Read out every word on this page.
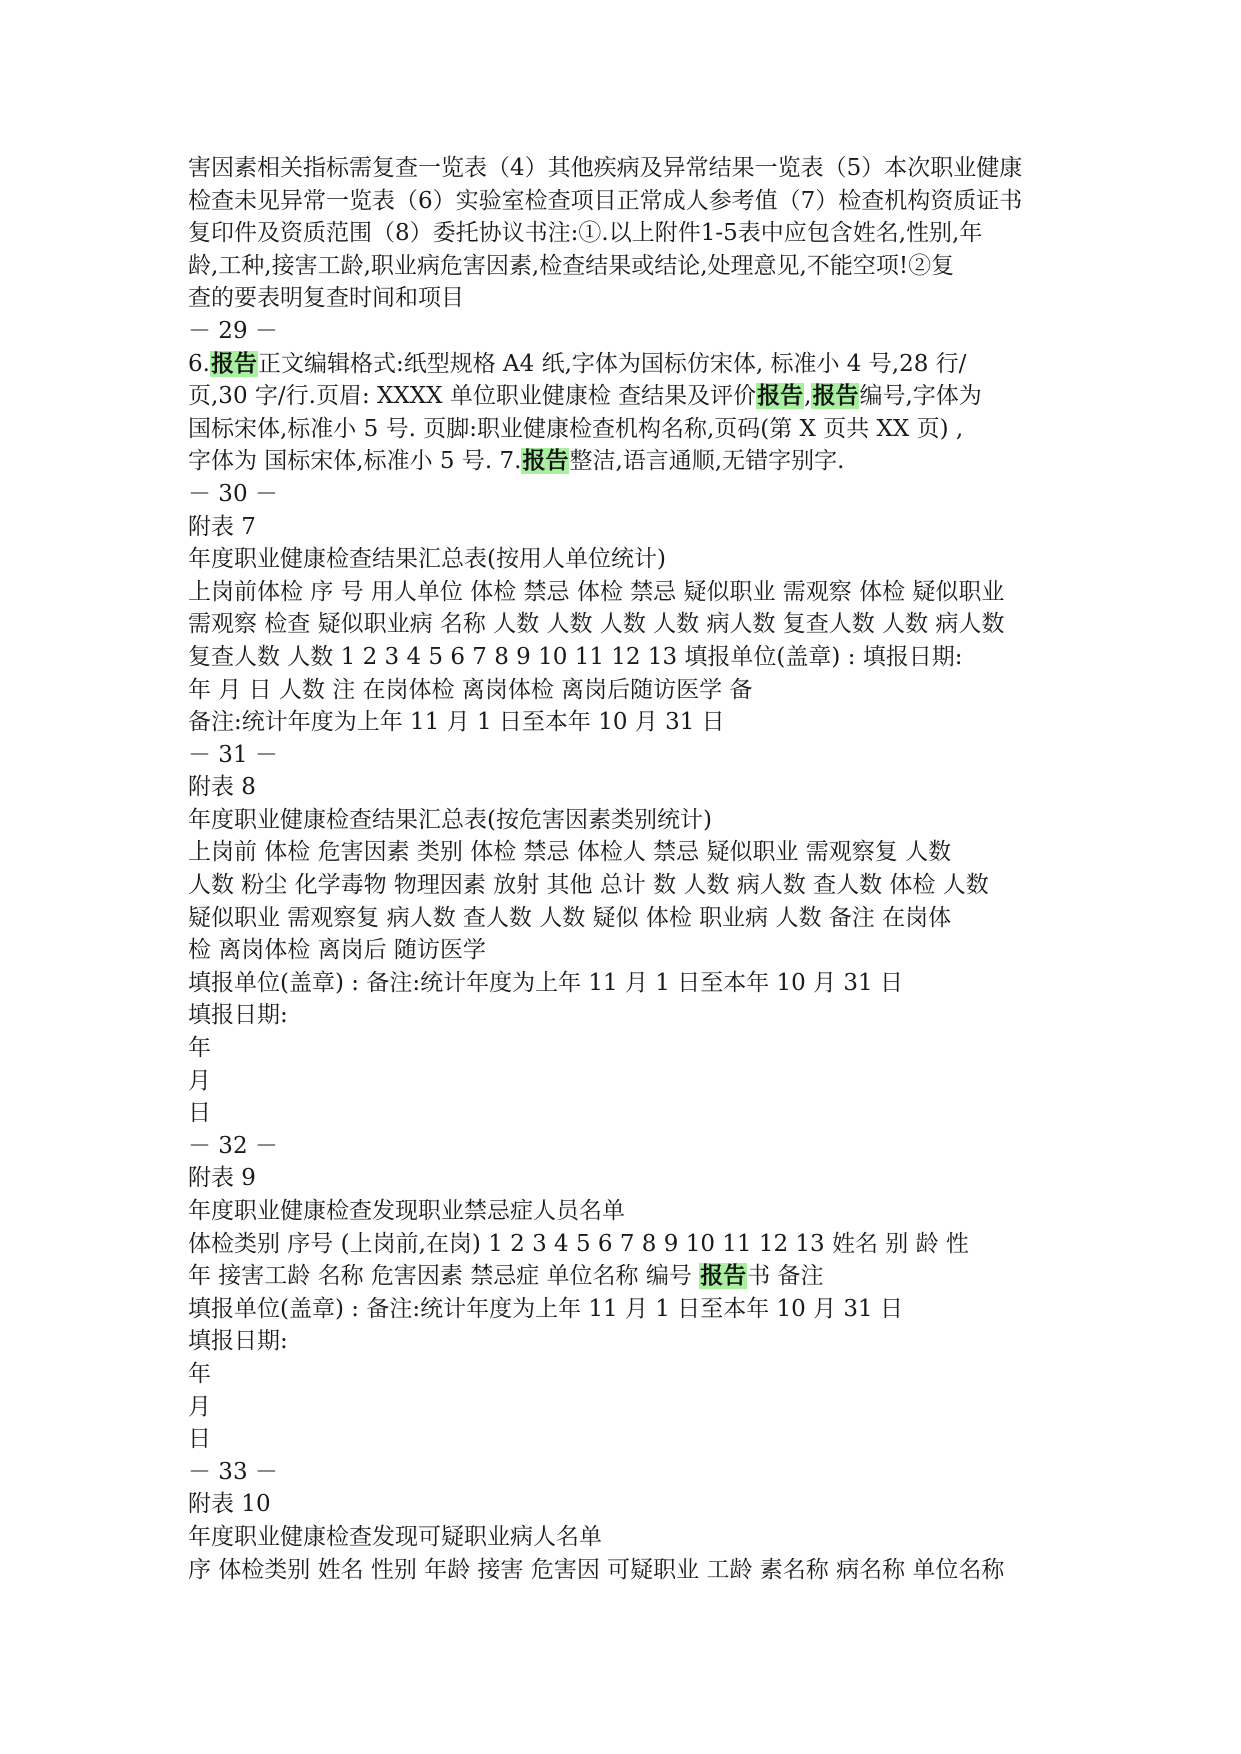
害因素相关指标需复查一览表（4）其他疾病及异常结果一览表（5）本次职业健康
检查未见异常一览表（6）实验室检查项目正常成人参考值（7）检查机构资质证书
复印件及资质范围（8）委托协议书注:①.以上附件1-5表中应包含姓名,性别,年
龄,工种,接害工龄,职业病危害因素,检查结果或结论,处理意见,不能空项!②复
查的要表明复查时间和项目
－ 29 －
6.报告正文编辑格式:纸型规格 A4 纸,字体为国标仿宋体, 标准小 4 号,28 行/
页,30 字/行.页眉: XXXX 单位职业健康检 查结果及评价报告,报告编号,字体为
国标宋体,标准小 5 号. 页脚:职业健康检查机构名称,页码(第 X 页共 XX 页) ,
字体为 国标宋体,标准小 5 号. 7.报告整洁,语言通顺,无错字别字.
－ 30 －
附表 7
年度职业健康检查结果汇总表(按用人单位统计)
上岗前体检 序 号 用人单位 体检 禁忌 体检 禁忌 疑似职业 需观察 体检 疑似职业
需观察 检查 疑似职业病 名称 人数 人数 人数 人数 病人数 复查人数 人数 病人数
复查人数 人数 1 2 3 4 5 6 7 8 9 10 11 12 13 填报单位(盖章) : 填报日期:
年 月 日 人数 注 在岗体检 离岗体检 离岗后随访医学 备
备注:统计年度为上年 11 月 1 日至本年 10 月 31 日
－ 31 －
附表 8
年度职业健康检查结果汇总表(按危害因素类别统计)
上岗前 体检 危害因素 类别 体检 禁忌 体检人 禁忌 疑似职业 需观察复 人数
人数 粉尘 化学毒物 物理因素 放射 其他 总计 数 人数 病人数 查人数 体检 人数
疑似职业 需观察复 病人数 查人数 人数 疑似 体检 职业病 人数 备注 在岗体
检 离岗体检 离岗后 随访医学
填报单位(盖章) : 备注:统计年度为上年 11 月 1 日至本年 10 月 31 日
填报日期:
年
月
日
－ 32 －
附表 9
年度职业健康检查发现职业禁忌症人员名单
体检类别 序号 (上岗前,在岗) 1 2 3 4 5 6 7 8 9 10 11 12 13 姓名 别 龄 性
年 接害工龄 名称 危害因素 禁忌症 单位名称 编号 报告书 备注
填报单位(盖章) : 备注:统计年度为上年 11 月 1 日至本年 10 月 31 日
填报日期:
年
月
日
－ 33 －
附表 10
年度职业健康检查发现可疑职业病人名单
序 体检类别 姓名 性别 年龄 接害 危害因 可疑职业 工龄 素名称 病名称 单位名称
